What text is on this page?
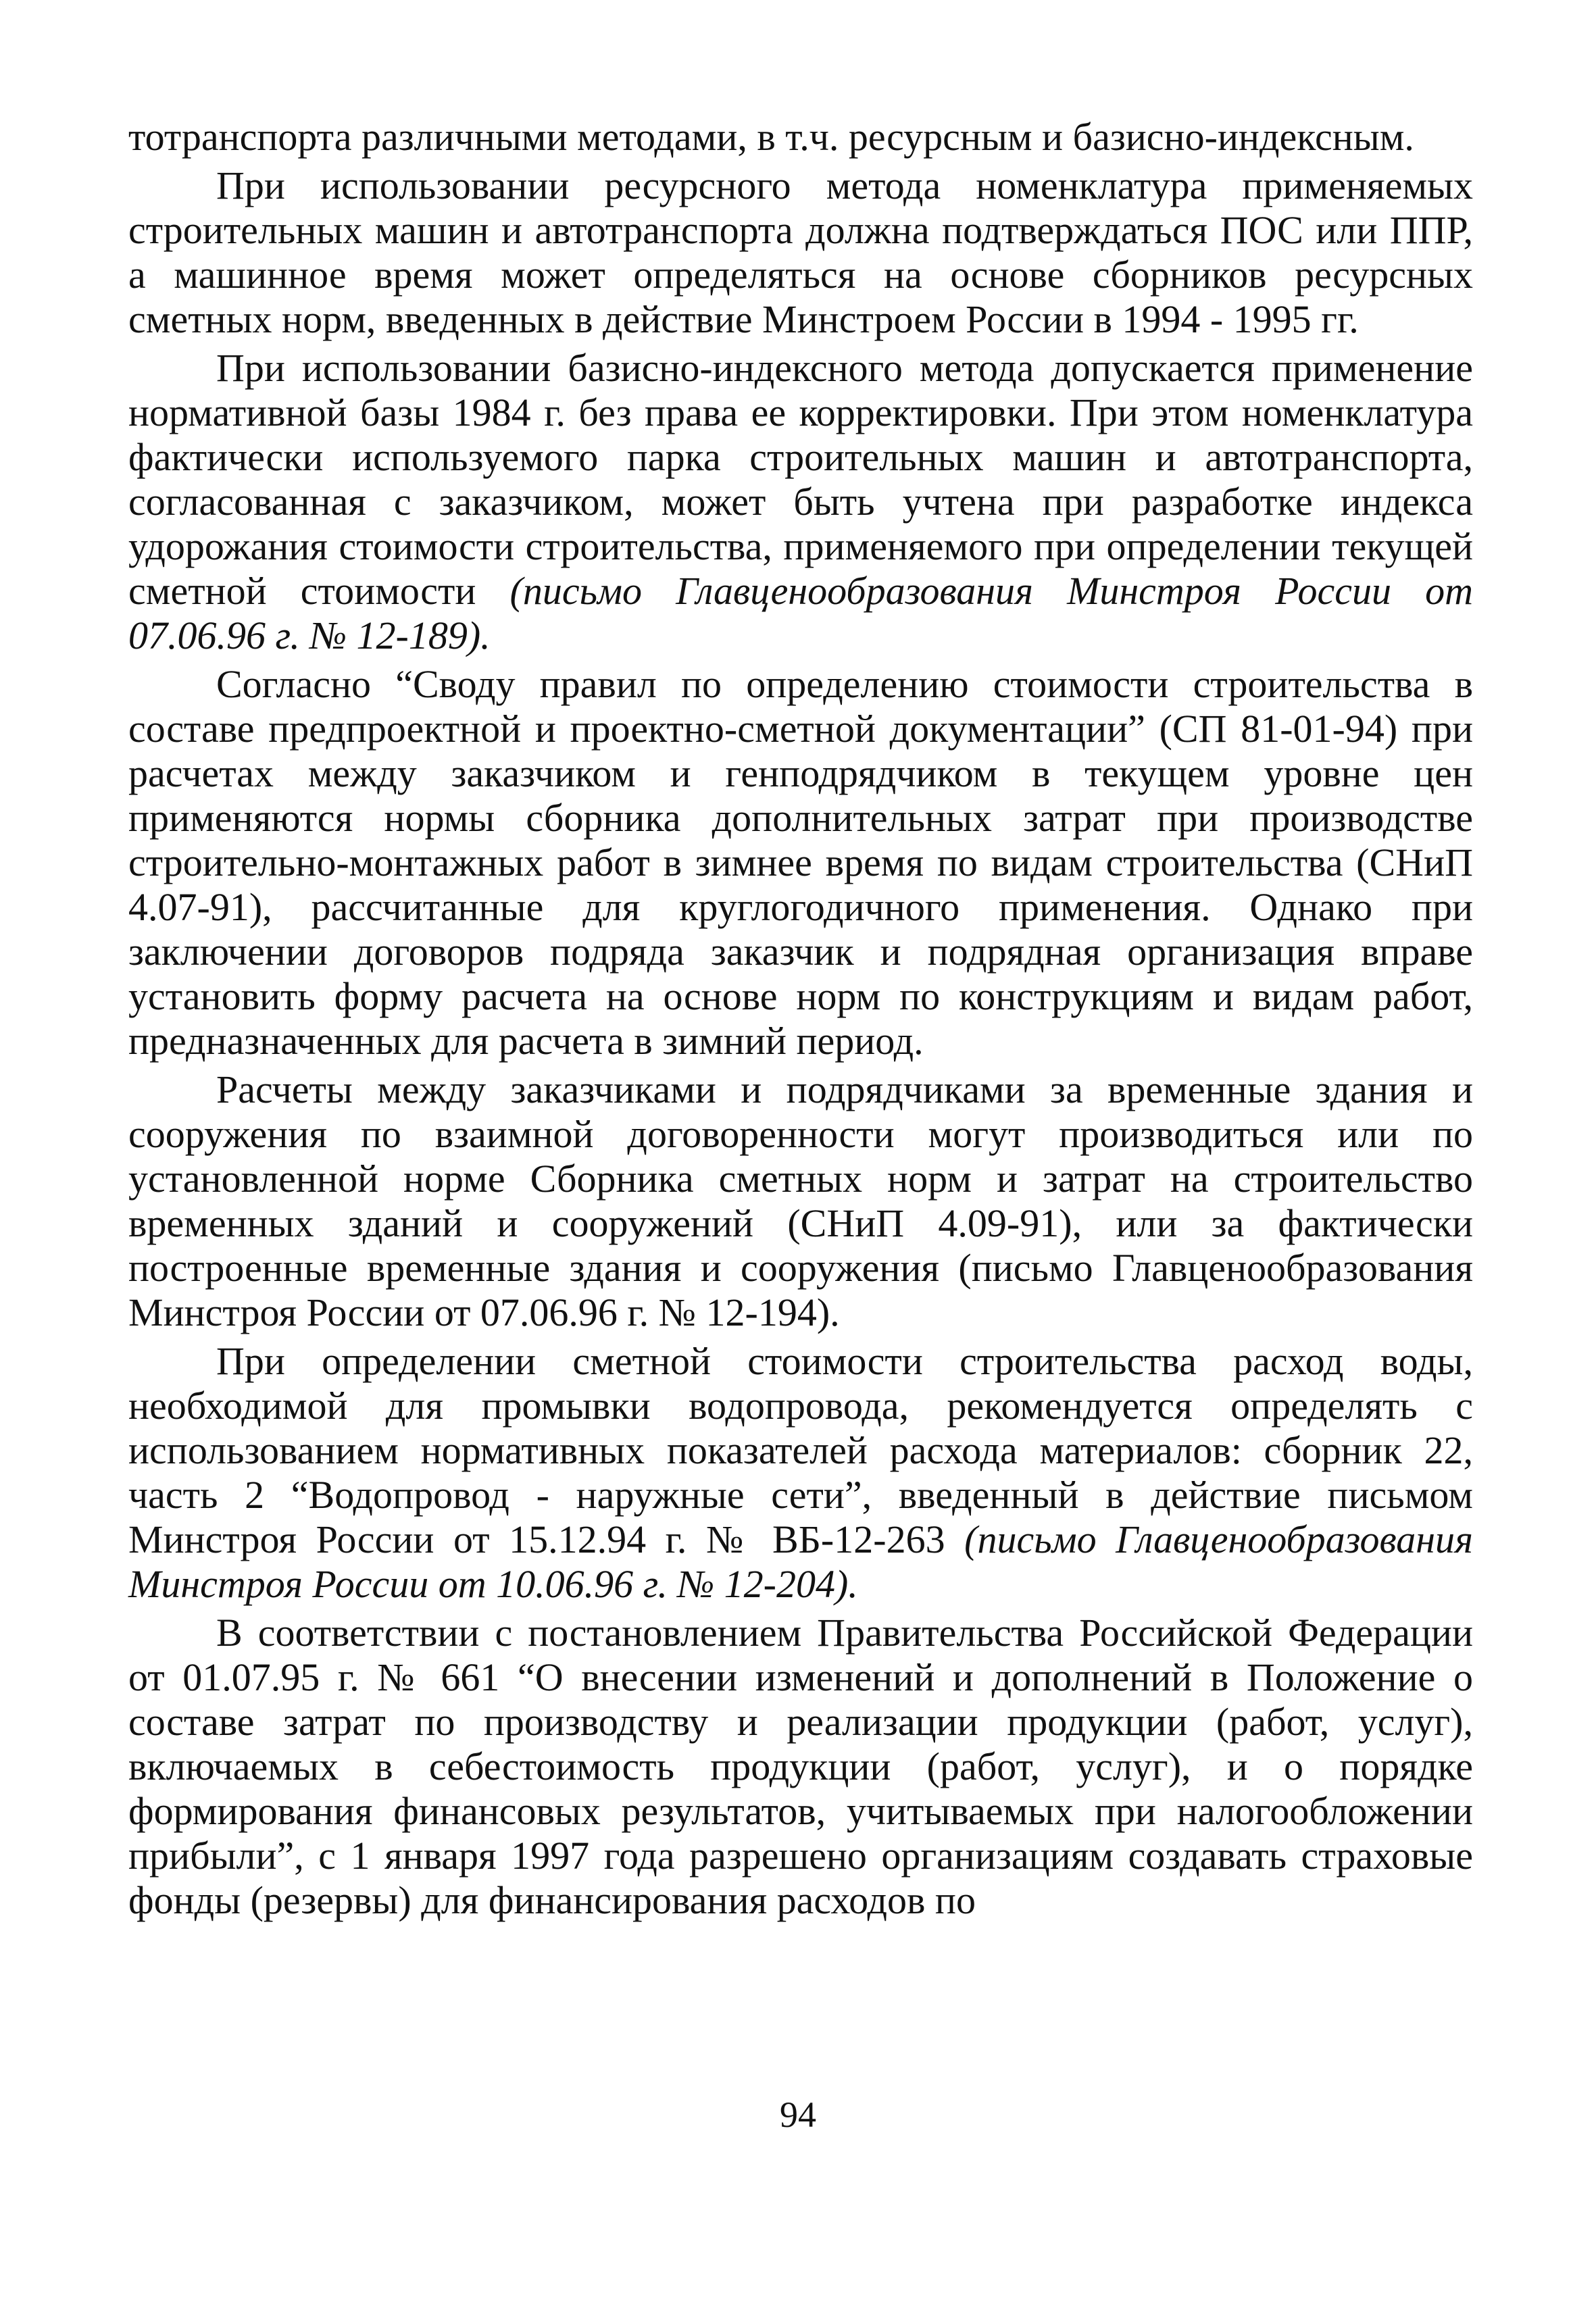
тотранспорта различными методами, в т.ч. ресурсным и базисно-индексным.

При использовании ресурсного метода номенклатура применяемых строительных машин и автотранспорта должна подтверждаться ПОС или ППР, а машинное время может определяться на основе сборников ресурсных сметных норм, введенных в действие Минстроем России в 1994 - 1995 гг.

При использовании базисно-индексного метода допускается применение нормативной базы 1984 г. без права ее корректировки. При этом номенклатура фактически используемого парка строительных машин и автотранспорта, согласованная с заказчиком, может быть учтена при разработке индекса удорожания стоимости строительства, применяемого при определении текущей сметной стоимости (письмо Главценообразования Минстроя России от 07.06.96 г. № 12-189).

Согласно “Своду правил по определению стоимости строительства в составе предпроектной и проектно-сметной документации” (СП 81-01-94) при расчетах между заказчиком и генподрядчиком в текущем уровне цен применяются нормы сборника дополнительных затрат при производстве строительно-монтажных работ в зимнее время по видам строительства (СНиП 4.07-91), рассчитанные для круглогодичного применения. Однако при заключении договоров подряда заказчик и подрядная организация вправе установить форму расчета на основе норм по конструкциям и видам работ, предназначенных для расчета в зимний период.

Расчеты между заказчиками и подрядчиками за временные здания и сооружения по взаимной договоренности могут производиться или по установленной норме Сборника сметных норм и затрат на строительство временных зданий и сооружений (СНиП 4.09-91), или за фактически построенные временные здания и сооружения (письмо Главценообразования Минстроя России от 07.06.96 г. № 12-194).

При определении сметной стоимости строительства расход воды, необходимой для промывки водопровода, рекомендуется определять с использованием нормативных показателей расхода материалов: сборник 22, часть 2 “Водопровод - наружные сети”, введенный в действие письмом Минстроя России от 15.12.94 г. № ВБ-12-263 (письмо Главценообразования Минстроя России от 10.06.96 г. № 12-204).

В соответствии с постановлением Правительства Российской Федерации от 01.07.95 г. № 661 “О внесении изменений и дополнений в Положение о составе затрат по производству и реализации продукции (работ, услуг), включаемых в себестоимость продукции (работ, услуг), и о порядке формирования финансовых результатов, учитываемых при налогообложении прибыли”, с 1 января 1997 года разрешено организациям создавать страховые фонды (резервы) для финансирования расходов по

94
